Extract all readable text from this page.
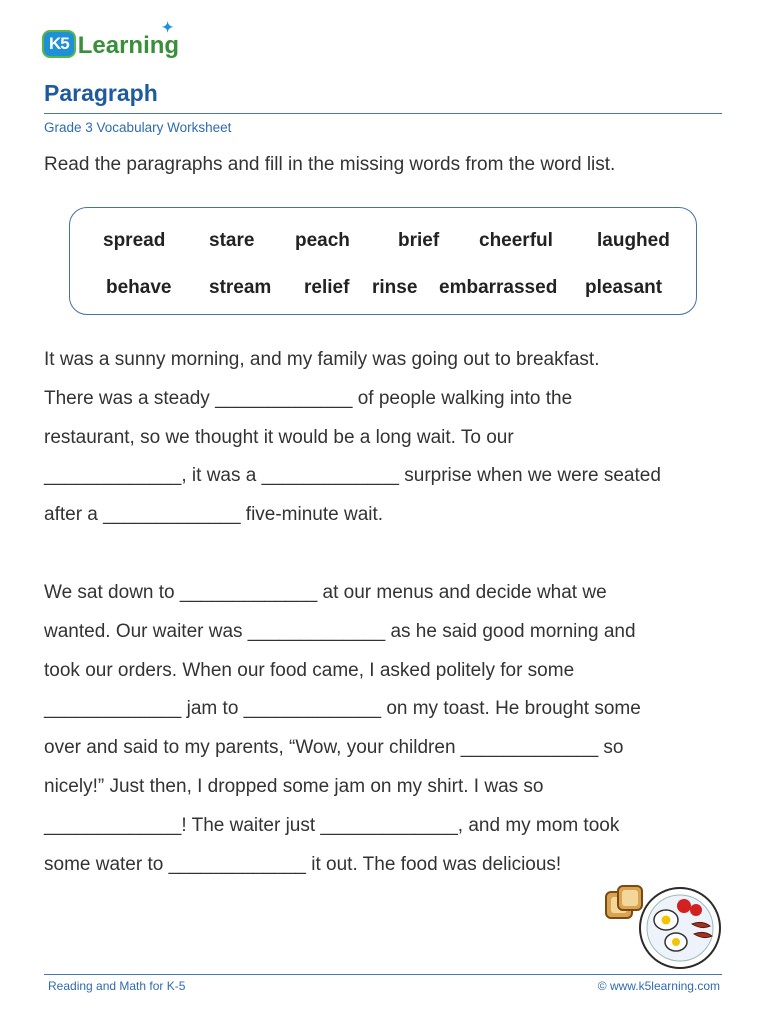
K5 Learning
✦
Paragraph
Grade 3 Vocabulary Worksheet
Read the paragraphs and fill in the missing words from the word list.
spread stare peach	brief cheerful laughed
behave stream relief rinse embarrassed pleasant
It was a sunny morning, and my family was going out to breakfast.
There was a steady _____________ of people walking into the
restaurant, so we thought it would be a long wait. To our
_____________, it was a _____________ surprise when we were seated
after a _____________ five-minute wait.
We sat down to _____________ at our menus and decide what we
wanted. Our waiter was _____________ as he said good morning and
took our orders. When our food came, I asked politely for some
_____________ jam to _____________ on my toast. He brought some
over and said to my parents, “Wow, your children _____________ so
nicely!” Just then, I dropped some jam on my shirt. I was so
_____________! The waiter just _____________, and my mom took
some water to _____________ it out. The food was delicious!
Reading and Math for K-5	© www.k5learning.com
